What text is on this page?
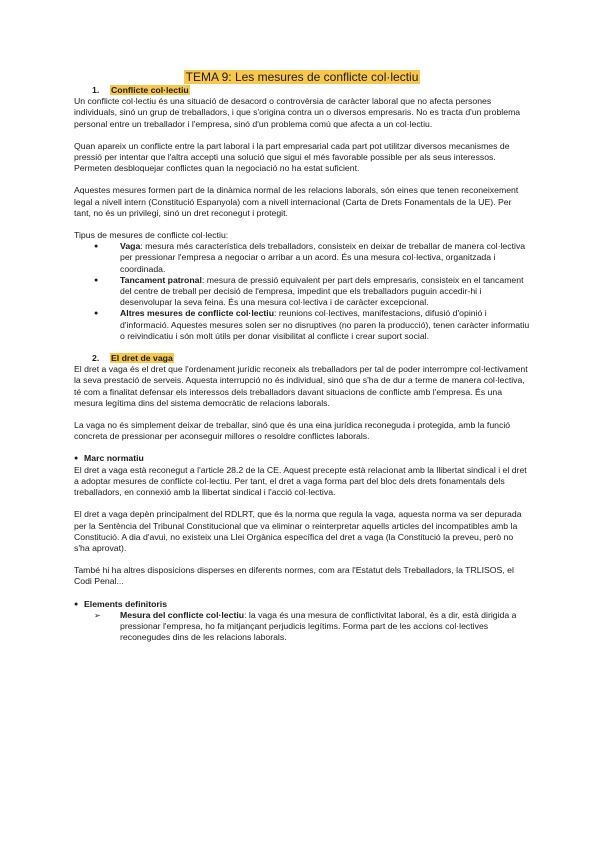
TEMA 9: Les mesures de conflicte col·lectiu
1. Conflicte col·lectiu

Un conflicte col·lectiu és una situació de desacord o controvèrsia de caràcter laboral que no afecta persones individuals, sinó un grup de treballadors, i que s'origina contra un o diversos empresaris. No es tracta d'un problema personal entre un treballador i l'empresa, sinó d'un problema comú que afecta a un col·lectiu.

Quan apareix un conflicte entre la part laboral i la part empresarial cada part pot utilitzar diversos mecanismes de pressió per intentar que l'altra accepti una solució que sigui el més favorable possible per als seus interessos. Permeten desbloquejar conflictes quan la negociació no ha estat suficient.

Aquestes mesures formen part de la dinàmica normal de les relacions laborals, són eines que tenen reconeixement legal a nivell intern (Constitució Espanyola) com a nivell internacional (Carta de Drets Fonamentals de la UE). Per tant, no és un privilegi, sinó un dret reconegut i protegit.

Tipus de mesures de conflicte col·lectiu:

● Vaga: mesura més característica dels treballadors, consisteix en deixar de treballar de manera col·lectiva per pressionar l'empresa a negociar o arribar a un acord. És una mesura col·lectiva, organitzada i coordinada.
● Tancament patronal: mesura de pressió equivalent per part dels empresaris, consisteix en el tancament del centre de treball per decisió de l'empresa, impedint que els treballadors puguin accedir-hi i desenvolupar la seva feina. És una mesura col·lectiva i de caràcter excepcional.
● Altres mesures de conflicte col·lectiu: reunions col·lectives, manifestacions, difusió d'opinió i d'informació. Aquestes mesures solen ser no disruptives (no paren la producció), tenen caràcter informatiu o reivindicatiu i són molt útils per donar visibilitat al conflicte i crear suport social.
2. El dret de vaga

El dret a vaga és el dret que l'ordenament jurídic reconeix als treballadors per tal de poder interrompre col·lectivament la seva prestació de serveis. Aquesta interrupció no és individual, sinó que s'ha de dur a terme de manera col·lectiva, té com a finalitat defensar els interessos dels treballadors davant situacions de conflicte amb l'empresa. És una mesura legítima dins del sistema democràtic de relacions laborals.

La vaga no és simplement deixar de treballar, sinó que és una eina jurídica reconeguda i protegida, amb la funció concreta de pressionar per aconseguir millores o resoldre conflictes laborals.

● Marc normatiu

El dret a vaga està reconegut a l'article 28.2 de la CE. Aquest precepte està relacionat amb la llibertat sindical i el dret a adoptar mesures de conflicte col·lectiu. Per tant, el dret a vaga forma part del bloc dels drets fonamentals dels treballadors, en connexió amb la llibertat sindical i l'acció col·lectiva.

El dret a vaga depèn principalment del RDLRT, que és la norma que regula la vaga, aquesta norma va ser depurada per la Sentència del Tribunal Constitucional que va eliminar o reinterpretar aquells articles del incompatibles amb la Constitució. A dia d'avui, no existeix una Llei Orgànica específica del dret a vaga (la Constitució la preveu, però no s'ha aprovat).

També hi ha altres disposicions disperses en diferents normes, com ara l'Estatut dels Treballadors, la TRLISOS, el Codi Penal...

● Elements definitoris
➢ Mesura del conflicte col·lectiu: la vaga és una mesura de conflictivitat laboral, és a dir, està dirigida a pressionar l'empresa, ho fa mitjançant perjudicis legítims. Forma part de les accions col·lectives reconegudes dins de les relacions laborals.
